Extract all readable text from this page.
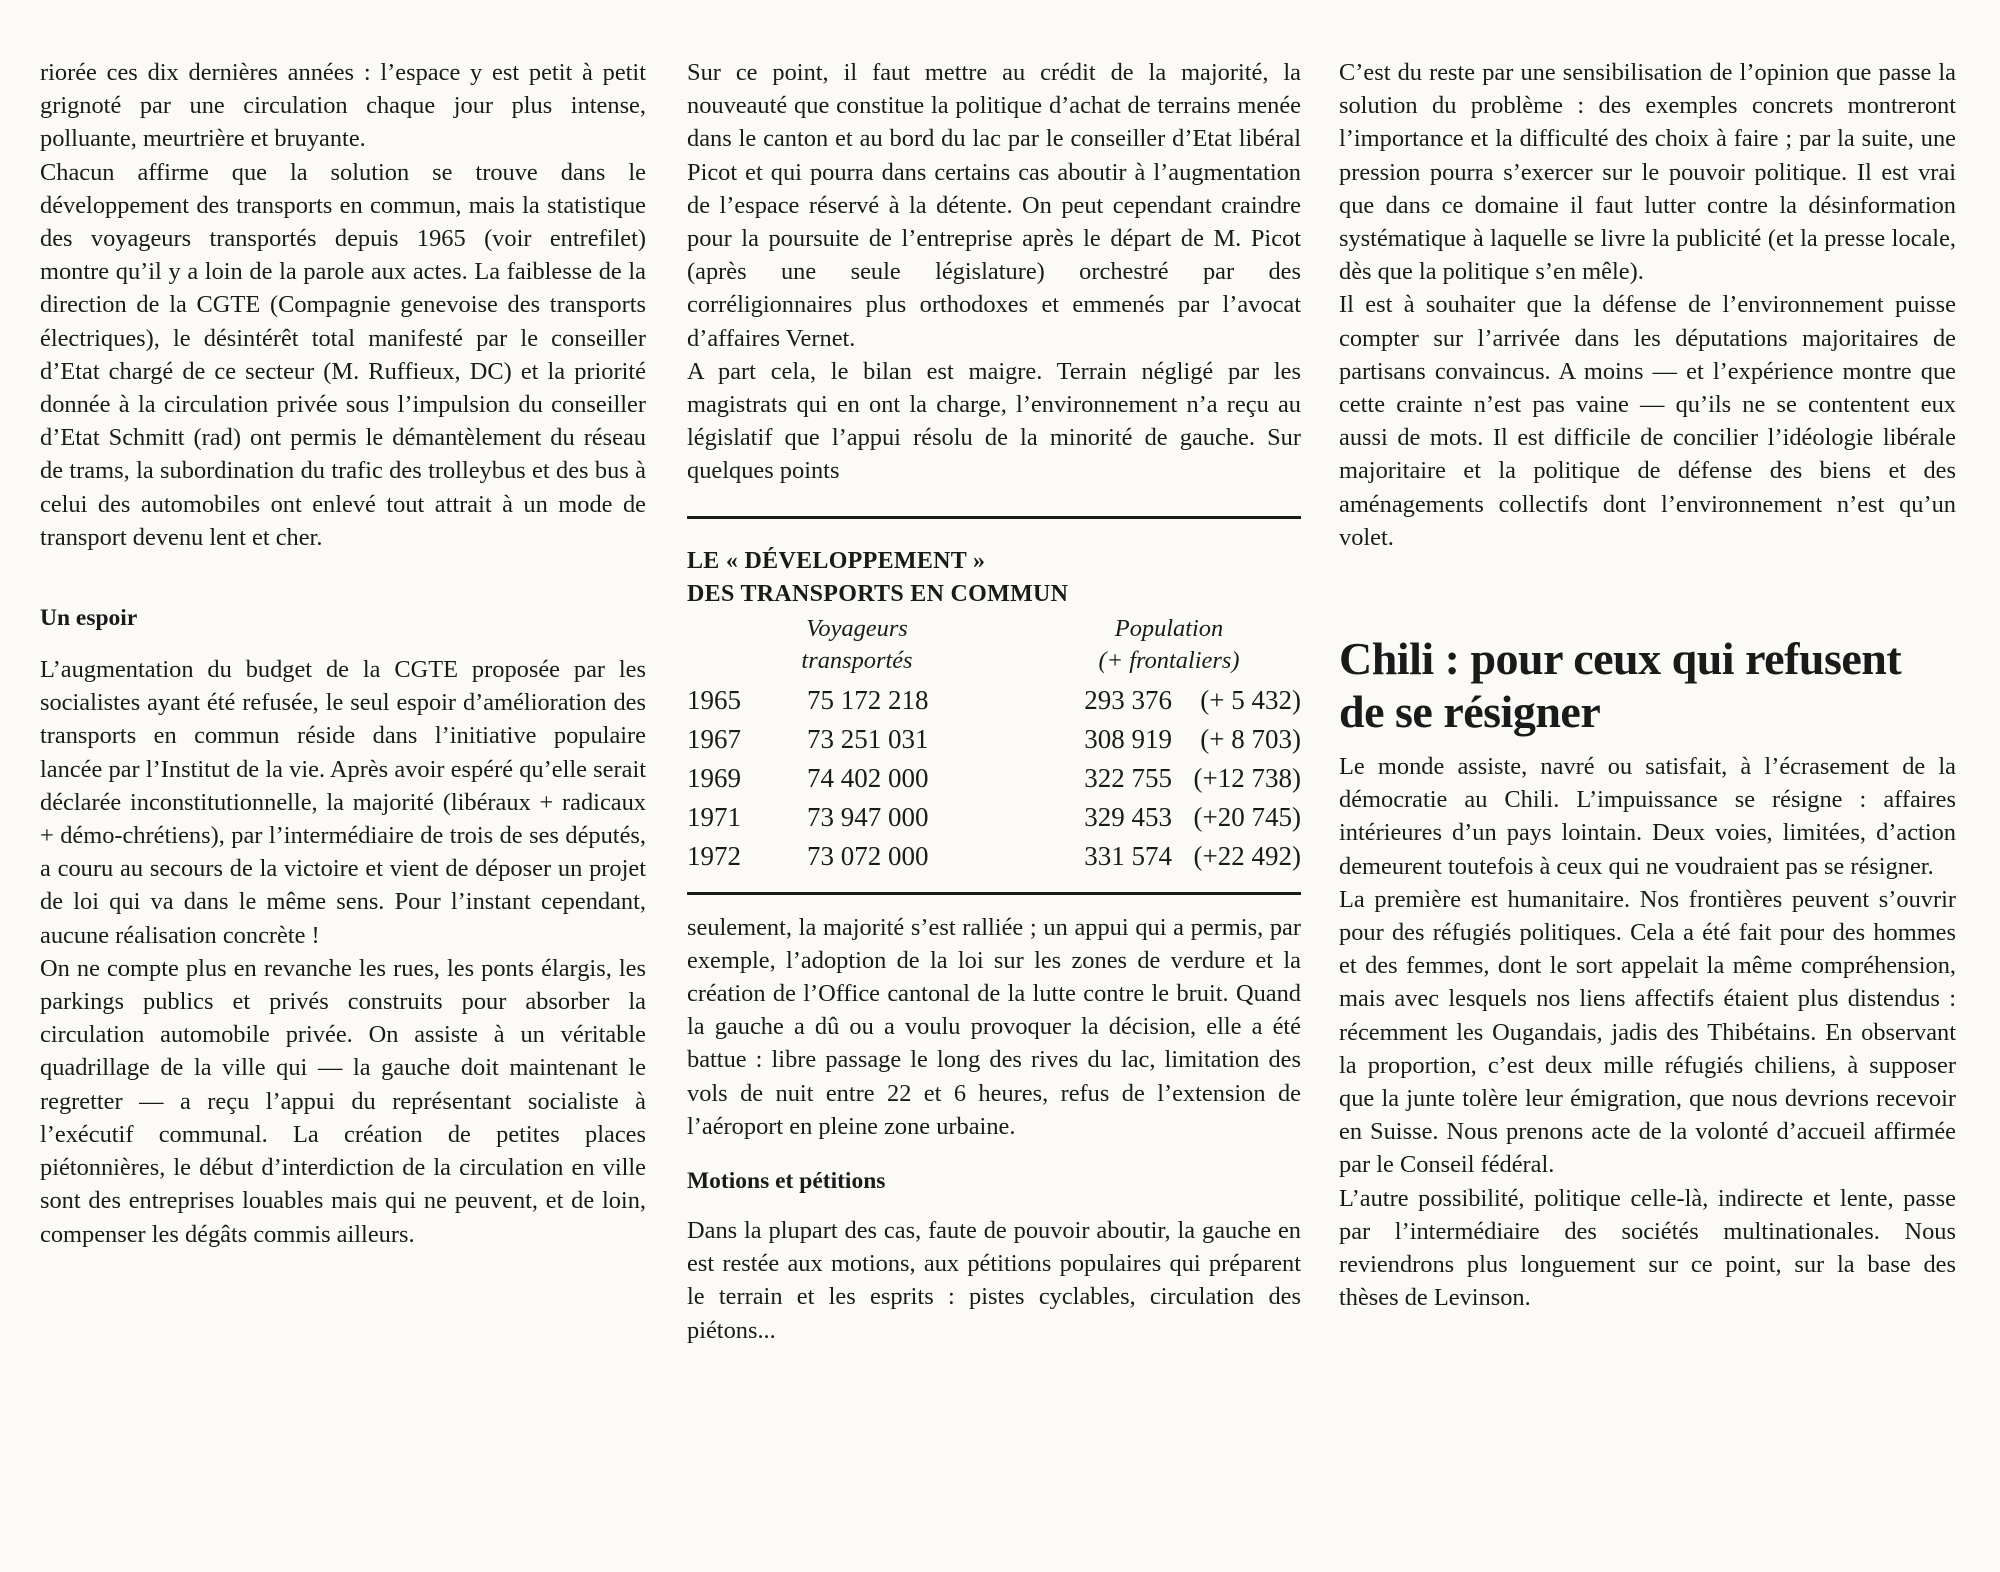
riorée ces dix dernières années : l’espace y est petit à petit grignoté par une circulation chaque jour plus intense, polluante, meurtrière et bruyante.

Chacun affirme que la solution se trouve dans le développement des transports en commun, mais la statistique des voyageurs transportés depuis 1965 (voir entrefilet) montre qu’il y a loin de la parole aux actes. La faiblesse de la direction de la CGTE (Compagnie genevoise des transports électriques), le désintérêt total manifesté par le conseiller d’Etat chargé de ce secteur (M. Ruffieux, DC) et la priorité donnée à la circulation privée sous l’impulsion du conseiller d’Etat Schmitt (rad) ont permis le démantèlement du réseau de trams, la subordination du trafic des trolleybus et des bus à celui des automobiles ont enlevé tout attrait à un mode de transport devenu lent et cher.

Un espoir

L’augmentation du budget de la CGTE proposée par les socialistes ayant été refusée, le seul espoir d’amélioration des transports en commun réside dans l’initiative populaire lancée par l’Institut de la vie. Après avoir espéré qu’elle serait déclarée inconstitutionnelle, la majorité (libéraux + radicaux + démo-chrétiens), par l’intermédiaire de trois de ses députés, a couru au secours de la victoire et vient de déposer un projet de loi qui va dans le même sens. Pour l’instant cependant, aucune réalisation concrète !

On ne compte plus en revanche les rues, les ponts élargis, les parkings publics et privés construits pour absorber la circulation automobile privée. On assiste à un véritable quadrillage de la ville qui — la gauche doit maintenant le regretter — a reçu l’appui du représentant socialiste à l’exécutif communal. La création de petites places piétonnières, le début d’interdiction de la circulation en ville sont des entreprises louables mais qui ne peuvent, et de loin, compenser les dégâts commis ailleurs.

Sur ce point, il faut mettre au crédit de la majorité, la nouveauté que constitue la politique d’achat de terrains menée dans le canton et au bord du lac par le conseiller d’Etat libéral Picot et qui pourra dans certains cas aboutir à l’augmentation de l’espace réservé à la détente. On peut cependant craindre pour la poursuite de l’entreprise après le départ de M. Picot (après une seule législature) orchestré par des corréligionnaires plus orthodoxes et emmenés par l’avocat d’affaires Vernet.

A part cela, le bilan est maigre. Terrain négligé par les magistrats qui en ont la charge, l’environnement n’a reçu au législatif que l’appui résolu de la minorité de gauche. Sur quelques points

LE « DÉVELOPPEMENT »
DES TRANSPORTS EN COMMUN
Voyageurs
transportés
Population
(+ frontaliers)
1965	75 172 218	293 376	(+ 5 432)
1967	73 251 031	308 919	(+ 8 703)
1969	74 402 000	322 755	(+12 738)
1971	73 947 000	329 453	(+20 745)
1972	73 072 000	331 574	(+22 492)

seulement, la majorité s’est ralliée ; un appui qui a permis, par exemple, l’adoption de la loi sur les zones de verdure et la création de l’Office cantonal de la lutte contre le bruit. Quand la gauche a dû ou a voulu provoquer la décision, elle a été battue : libre passage le long des rives du lac, limitation des vols de nuit entre 22 et 6 heures, refus de l’extension de l’aéroport en pleine zone urbaine.

Motions et pétitions

Dans la plupart des cas, faute de pouvoir aboutir, la gauche en est restée aux motions, aux pétitions populaires qui préparent le terrain et les esprits : pistes cyclables, circulation des piétons...

C’est du reste par une sensibilisation de l’opinion que passe la solution du problème : des exemples concrets montreront l’importance et la difficulté des choix à faire ; par la suite, une pression pourra s’exercer sur le pouvoir politique. Il est vrai que dans ce domaine il faut lutter contre la désinformation systématique à laquelle se livre la publicité (et la presse locale, dès que la politique s’en mêle).

Il est à souhaiter que la défense de l’environnement puisse compter sur l’arrivée dans les députations majoritaires de partisans convaincus. A moins — et l’expérience montre que cette crainte n’est pas vaine — qu’ils ne se contentent eux aussi de mots. Il est difficile de concilier l’idéologie libérale majoritaire et la politique de défense des biens et des aménagements collectifs dont l’environnement n’est qu’un volet.

Chili : pour ceux qui refusent de se résigner

Le monde assiste, navré ou satisfait, à l’écrasement de la démocratie au Chili. L’impuissance se résigne : affaires intérieures d’un pays lointain. Deux voies, limitées, d’action demeurent toutefois à ceux qui ne voudraient pas se résigner.

La première est humanitaire. Nos frontières peuvent s’ouvrir pour des réfugiés politiques. Cela a été fait pour des hommes et des femmes, dont le sort appelait la même compréhension, mais avec lesquels nos liens affectifs étaient plus distendus : récemment les Ougandais, jadis des Thibétains. En observant la proportion, c’est deux mille réfugiés chiliens, à supposer que la junte tolère leur émigration, que nous devrions recevoir en Suisse. Nous prenons acte de la volonté d’accueil affirmée par le Conseil fédéral.

L’autre possibilité, politique celle-là, indirecte et lente, passe par l’intermédiaire des sociétés multinationales. Nous reviendrons plus longuement sur ce point, sur la base des thèses de Levinson.
